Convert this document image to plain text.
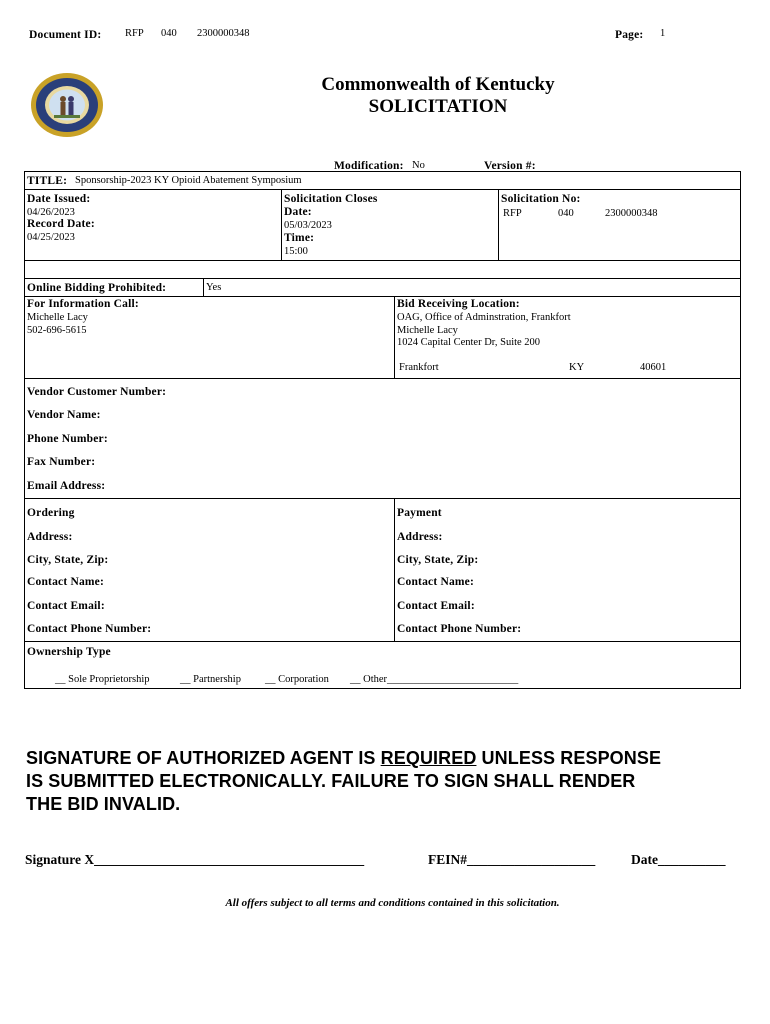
Document ID: RFP 040 2300000348	Page: 1
Commonwealth of Kentucky
SOLICITATION
Modification: No	Version #:
TITLE: Sponsorship-2023 KY Opioid Abatement Symposium
Date Issued:
04/26/2023
Record Date:
04/25/2023
Solicitation Closes
Date:
05/03/2023
Time:
15:00
Solicitation No:
RFP	040	2300000348
Online Bidding Prohibited:	Yes
For Information Call:
Michelle Lacy
502-696-5615
Bid Receiving Location:
OAG, Office of Adminstration, Frankfort
Michelle Lacy
1024 Capital Center Dr, Suite 200
Frankfort	KY	40601
Vendor Customer Number:
Vendor Name:
Phone Number:
Fax Number:
Email Address:
Ordering
Address:
City, State, Zip:
Contact Name:
Contact Email:
Contact Phone Number:
Payment
Address:
City, State, Zip:
Contact Name:
Contact Email:
Contact Phone Number:
Ownership Type
__ Sole Proprietorship	__ Partnership __ Corporation __ Other_________________________
SIGNATURE OF AUTHORIZED AGENT IS REQUIRED UNLESS RESPONSE
IS SUBMITTED ELECTRONICALLY. FAILURE TO SIGN SHALL RENDER
THE BID INVALID.
Signature X________________________________________	FEIN#___________________	Date__________
All offers subject to all terms and conditions contained in this solicitation.
